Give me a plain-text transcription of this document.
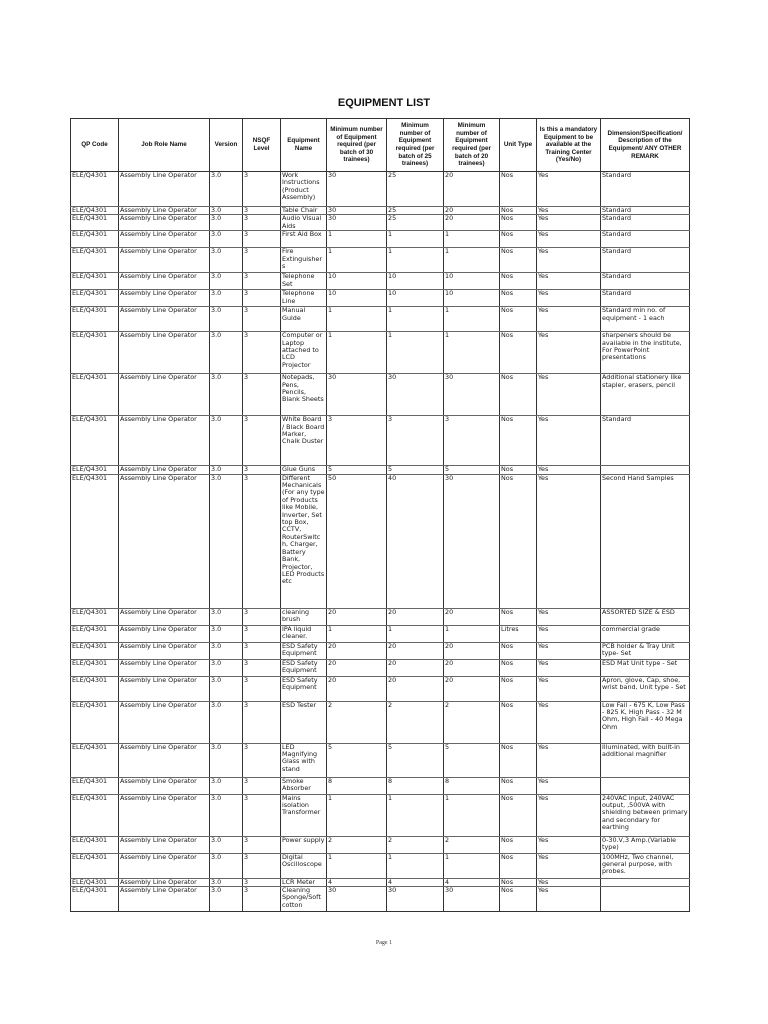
EQUIPMENT LIST
QP Code	Job Role Name	Version	NSQF Level	Equipment Name	Minimum number of Equipment required (per batch of 30 trainees)	Minimum number of Equipment required (per batch of 25 trainees)	Minimum number of Equipment required (per batch of 20 trainees)	Unit Type	Is this a mandatory Equipment to be available at the Training Center (Yes/No)	Dimension/Specification/ Description of the Equipment/ ANY OTHER REMARK
ELE/Q4301	Assembly Line Operator	3.0	3	Work Instructions (Product Assembly)	30	25	20	Nos	Yes	Standard
ELE/Q4301	Assembly Line Operator	3.0	3	Table Chair	30	25	20	Nos	Yes	Standard
ELE/Q4301	Assembly Line Operator	3.0	3	Audio Visual Aids	30	25	20	Nos	Yes	Standard
ELE/Q4301	Assembly Line Operator	3.0	3	First Aid Box	1	1	1	Nos	Yes	Standard
ELE/Q4301	Assembly Line Operator	3.0	3	Fire Extinguisher s	1	1	1	Nos	Yes	Standard
ELE/Q4301	Assembly Line Operator	3.0	3	Telephone Set	10	10	10	Nos	Yes	Standard
ELE/Q4301	Assembly Line Operator	3.0	3	Telephone Line	10	10	10	Nos	Yes	Standard
ELE/Q4301	Assembly Line Operator	3.0	3	Manual Guide	1	1	1	Nos	Yes	Standard min no. of equipment - 1 each
ELE/Q4301	Assembly Line Operator	3.0	3	Computer or Laptop attached to LCD Projector	1	1	1	Nos	Yes	sharpeners should be available in the institute, For PowerPoint presentations
ELE/Q4301	Assembly Line Operator	3.0	3	Notepads, Pens, Pencils, Blank Sheets	30	30	30	Nos	Yes	Additional stationery like stapler, erasers, pencil
ELE/Q4301	Assembly Line Operator	3.0	3	White Board / Black Board Marker, Chalk Duster	3	3	3	Nos	Yes	Standard
ELE/Q4301	Assembly Line Operator	3.0	3	Glue Guns	5	5	5	Nos	Yes	
ELE/Q4301	Assembly Line Operator	3.0	3	Different Mechanicals (For any type of Products like Mobile, Inverter, Set top Box, CCTV, RouterSwitc h, Charger, Battery Bank, Projector, LED Products etc	50	40	30	Nos	Yes	Second Hand Samples
ELE/Q4301	Assembly Line Operator	3.0	3	cleaning brush	20	20	20	Nos	Yes	ASSORTED SIZE & ESD
ELE/Q4301	Assembly Line Operator	3.0	3	IPA liquid cleaner.	1	1	1	Litres	Yes	commercial grade
ELE/Q4301	Assembly Line Operator	3.0	3	ESD Safety Equipment	20	20	20	Nos	Yes	PCB holder & Tray Unit type- Set
ELE/Q4301	Assembly Line Operator	3.0	3	ESD Safety Equipment	20	20	20	Nos	Yes	ESD Mat Unit type - Set
ELE/Q4301	Assembly Line Operator	3.0	3	ESD Safety Equipment	20	20	20	Nos	Yes	Apron, glove, Cap, shoe, wrist band, Unit type - Set
ELE/Q4301	Assembly Line Operator	3.0	3	ESD Tester	2	2	2	Nos	Yes	Low Fail - 675 K, Low Pass - 825 K, High Pass - 32 M Ohm, High Fail - 40 Mega Ohm
ELE/Q4301	Assembly Line Operator	3.0	3	LED Magnifying Glass with stand	5	5	5	Nos	Yes	Illuminated, with built-in additional magnifier
ELE/Q4301	Assembly Line Operator	3.0	3	Smoke Absorber	8	8	8	Nos	Yes	
ELE/Q4301	Assembly Line Operator	3.0	3	Mains isolation Transformer	1	1	1	Nos	Yes	240VAC input, 240VAC output, ,500VA with shielding between primary and secondary for earthing
ELE/Q4301	Assembly Line Operator	3.0	3	Power supply	2	2	2	Nos	Yes	0-30.V,3 Amp.(Variable type)
ELE/Q4301	Assembly Line Operator	3.0	3	Digital Oscilloscope	1	1	1	Nos	Yes	100MHz, Two channel, general purpose, with probes.
ELE/Q4301	Assembly Line Operator	3.0	3	LCR Meter	4	4	4	Nos	Yes	
ELE/Q4301	Assembly Line Operator	3.0	3	Cleaning Sponge/Soft cotton	30	30	30	Nos	Yes	
Page 1
